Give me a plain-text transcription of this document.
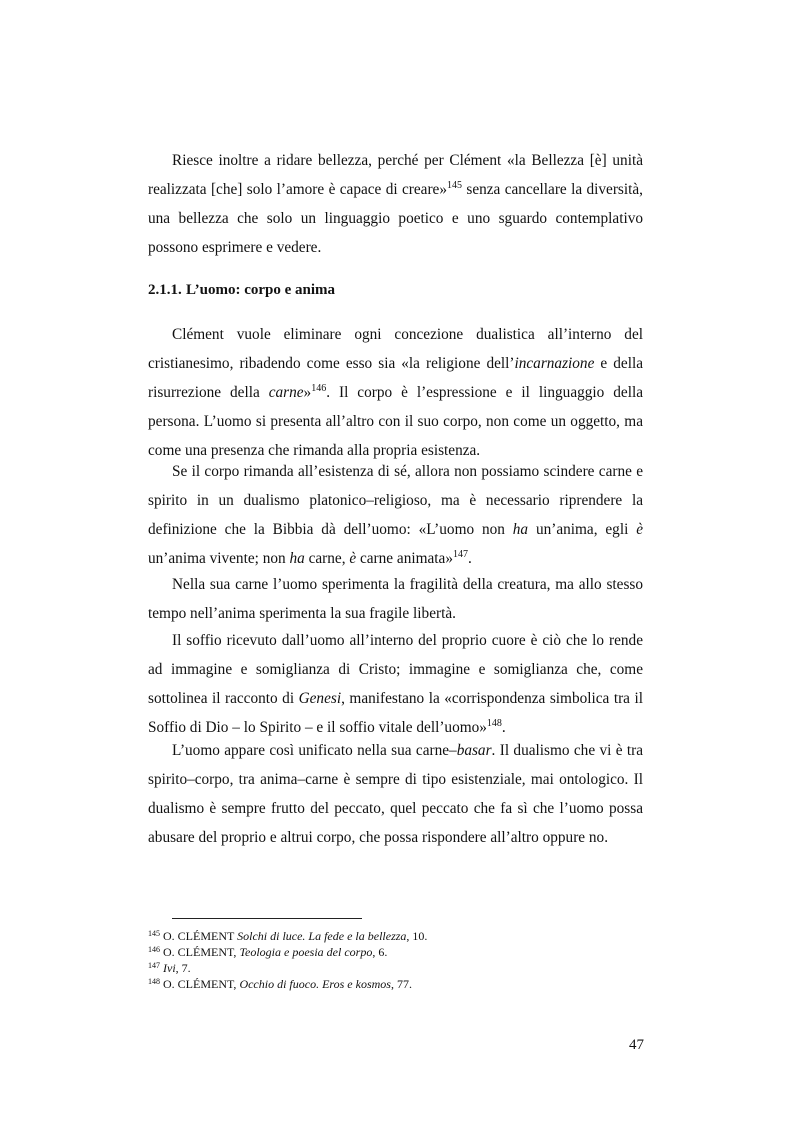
Riesce inoltre a ridare bellezza, perché per Clément «la Bellezza [è] unità realizzata [che] solo l’amore è capace di creare»$^{145}$ senza cancellare la diversità, una bellezza che solo un linguaggio poetico e uno sguardo contemplativo possono esprimere e vedere.

2.1.1. L’uomo: corpo e anima

Clément vuole eliminare ogni concezione dualistica all’interno del cristianesimo, ribadendo come esso sia «la religione dell’incarnazione e della risurrezione della carne»$^{146}$. Il corpo è l’espressione e il linguaggio della persona. L’uomo si presenta all’altro con il suo corpo, non come un oggetto, ma come una presenza che rimanda alla propria esistenza.

Se il corpo rimanda all’esistenza di sé, allora non possiamo scindere carne e spirito in un dualismo platonico–religioso, ma è necessario riprendere la definizione che la Bibbia dà dell’uomo: «L’uomo non ha un’anima, egli è un’anima vivente; non ha carne, è carne animata»$^{147}$.

Nella sua carne l’uomo sperimenta la fragilità della creatura, ma allo stesso tempo nell’anima sperimenta la sua fragile libertà.

Il soffio ricevuto dall’uomo all’interno del proprio cuore è ciò che lo rende ad immagine e somiglianza di Cristo; immagine e somiglianza che, come sottolinea il racconto di Genesi, manifestano la «corrispondenza simbolica tra il Soffio di Dio – lo Spirito – e il soffio vitale dell’uomo»$^{148}$.

L’uomo appare così unificato nella sua carne–basar. Il dualismo che vi è tra spirito–corpo, tra anima–carne è sempre di tipo esistenziale, mai ontologico. Il dualismo è sempre frutto del peccato, quel peccato che fa sì che l’uomo possa abusare del proprio e altrui corpo, che possa rispondere all’altro oppure no.

$^{145}$ O. CLÉMENT Solchi di luce. La fede e la bellezza, 10.
$^{146}$ O. CLÉMENT, Teologia e poesia del corpo, 6.
$^{147}$ Ivi, 7.
$^{148}$ O. CLÉMENT, Occhio di fuoco. Eros e kosmos, 77.
47
